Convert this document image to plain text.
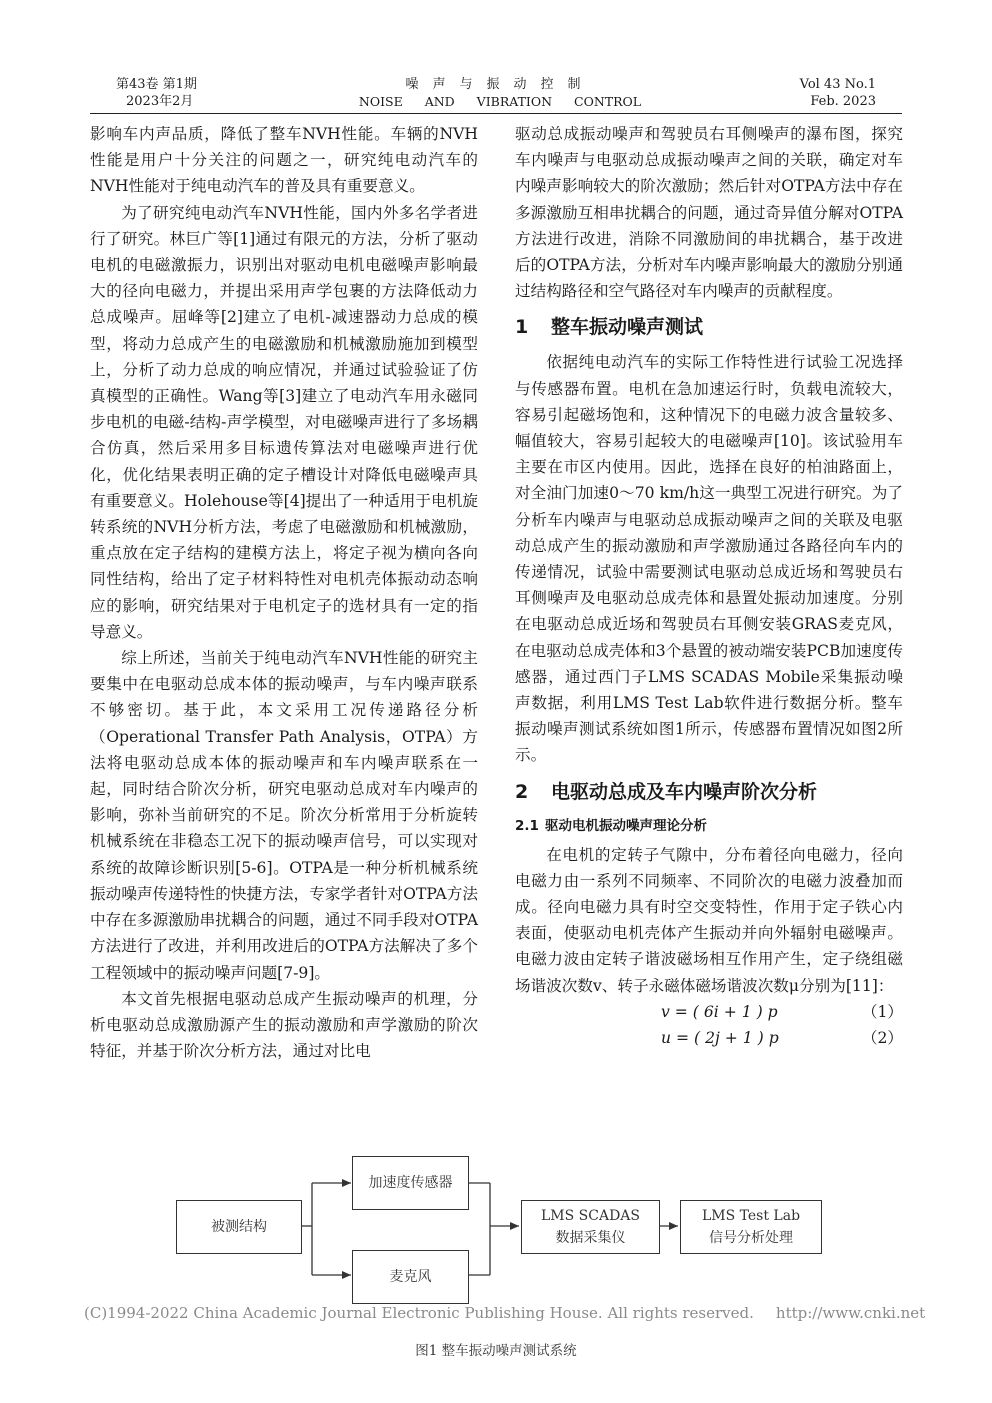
第43卷 第1期
2023年2月
噪声与振动控制
NOISE AND VIBRATION CONTROL
Vol 43 No.1
Feb. 2023

影响车内声品质，降低了整车NVH性能。车辆的NVH性能是用户十分关注的问题之一，研究纯电动汽车的NVH性能对于纯电动汽车的普及具有重要意义。

为了研究纯电动汽车NVH性能，国内外多名学者进行了研究。林巨广等[1]通过有限元的方法，分析了驱动电机的电磁激振力，识别出对驱动电机电磁噪声影响最大的径向电磁力，并提出采用声学包裹的方法降低动力总成噪声。屈峰等[2]建立了电机-减速器动力总成的模型，将动力总成产生的电磁激励和机械激励施加到模型上，分析了动力总成的响应情况，并通过试验验证了仿真模型的正确性。Wang等[3]建立了电动汽车用永磁同步电机的电磁-结构-声学模型，对电磁噪声进行了多场耦合仿真，然后采用多目标遗传算法对电磁噪声进行优化，优化结果表明正确的定子槽设计对降低电磁噪声具有重要意义。Holehouse等[4]提出了一种适用于电机旋转系统的NVH分析方法，考虑了电磁激励和机械激励，重点放在定子结构的建模方法上，将定子视为横向各向同性结构，给出了定子材料特性对电机壳体振动动态响应的影响，研究结果对于电机定子的选材具有一定的指导意义。

综上所述，当前关于纯电动汽车NVH性能的研究主要集中在电驱动总成本体的振动噪声，与车内噪声联系不够密切。基于此，本文采用工况传递路径分析（Operational Transfer Path Analysis，OTPA）方法将电驱动总成本体的振动噪声和车内噪声联系在一起，同时结合阶次分析，研究电驱动总成对车内噪声的影响，弥补当前研究的不足。阶次分析常用于分析旋转机械系统在非稳态工况下的振动噪声信号，可以实现对系统的故障诊断识别[5-6]。OTPA是一种分析机械系统振动噪声传递特性的快捷方法，专家学者针对OTPA方法中存在多源激励串扰耦合的问题，通过不同手段对OTPA方法进行了改进，并利用改进后的OTPA方法解决了多个工程领域中的振动噪声问题[7-9]。

本文首先根据电驱动总成产生振动噪声的机理，分析电驱动总成激励源产生的振动激励和声学激励的阶次特征，并基于阶次分析方法，通过对比电

驱动总成振动噪声和驾驶员右耳侧噪声的瀑布图，探究车内噪声与电驱动总成振动噪声之间的关联，确定对车内噪声影响较大的阶次激励；然后针对OTPA方法中存在多源激励互相串扰耦合的问题，通过奇异值分解对OTPA方法进行改进，消除不同激励间的串扰耦合，基于改进后的OTPA方法，分析对车内噪声影响最大的激励分别通过结构路径和空气路径对车内噪声的贡献程度。

1 整车振动噪声测试

依据纯电动汽车的实际工作特性进行试验工况选择与传感器布置。电机在急加速运行时，负载电流较大，容易引起磁场饱和，这种情况下的电磁力波含量较多、幅值较大，容易引起较大的电磁噪声[10]。该试验用车主要在市区内使用。因此，选择在良好的柏油路面上，对全油门加速0～70 km/h这一典型工况进行研究。为了分析车内噪声与电驱动总成振动噪声之间的关联及电驱动总成产生的振动激励和声学激励通过各路径向车内的传递情况，试验中需要测试电驱动总成近场和驾驶员右耳侧噪声及电驱动总成壳体和悬置处振动加速度。分别在电驱动总成近场和驾驶员右耳侧安装GRAS麦克风，在电驱动总成壳体和3个悬置的被动端安装PCB加速度传感器，通过西门子LMS SCADAS Mobile采集振动噪声数据，利用LMS Test Lab软件进行数据分析。整车振动噪声测试系统如图1所示，传感器布置情况如图2所示。

2 电驱动总成及车内噪声阶次分析

2.1 驱动电机振动噪声理论分析

在电机的定转子气隙中，分布着径向电磁力，径向电磁力由一系列不同频率、不同阶次的电磁力波叠加而成。径向电磁力具有时空交变特性，作用于定子铁心内表面，使驱动电机壳体产生振动并向外辐射电磁噪声。电磁力波由定转子谐波磁场相互作用产生，定子绕组磁场谐波次数v、转子永磁体磁场谐波次数μ分别为[11]：

v = ( 6i + 1 ) p	（1）
u = ( 2j + 1 ) p	（2）
被测结构
加速度传感器
麦克风
LMS SCADAS
数据采集仪
LMS Test Lab
信号分析处理
(C)1994-2022 China Academic Journal Electronic Publishing House. All rights reserved. http://www.cnki.net
图1 整车振动噪声测试系统
